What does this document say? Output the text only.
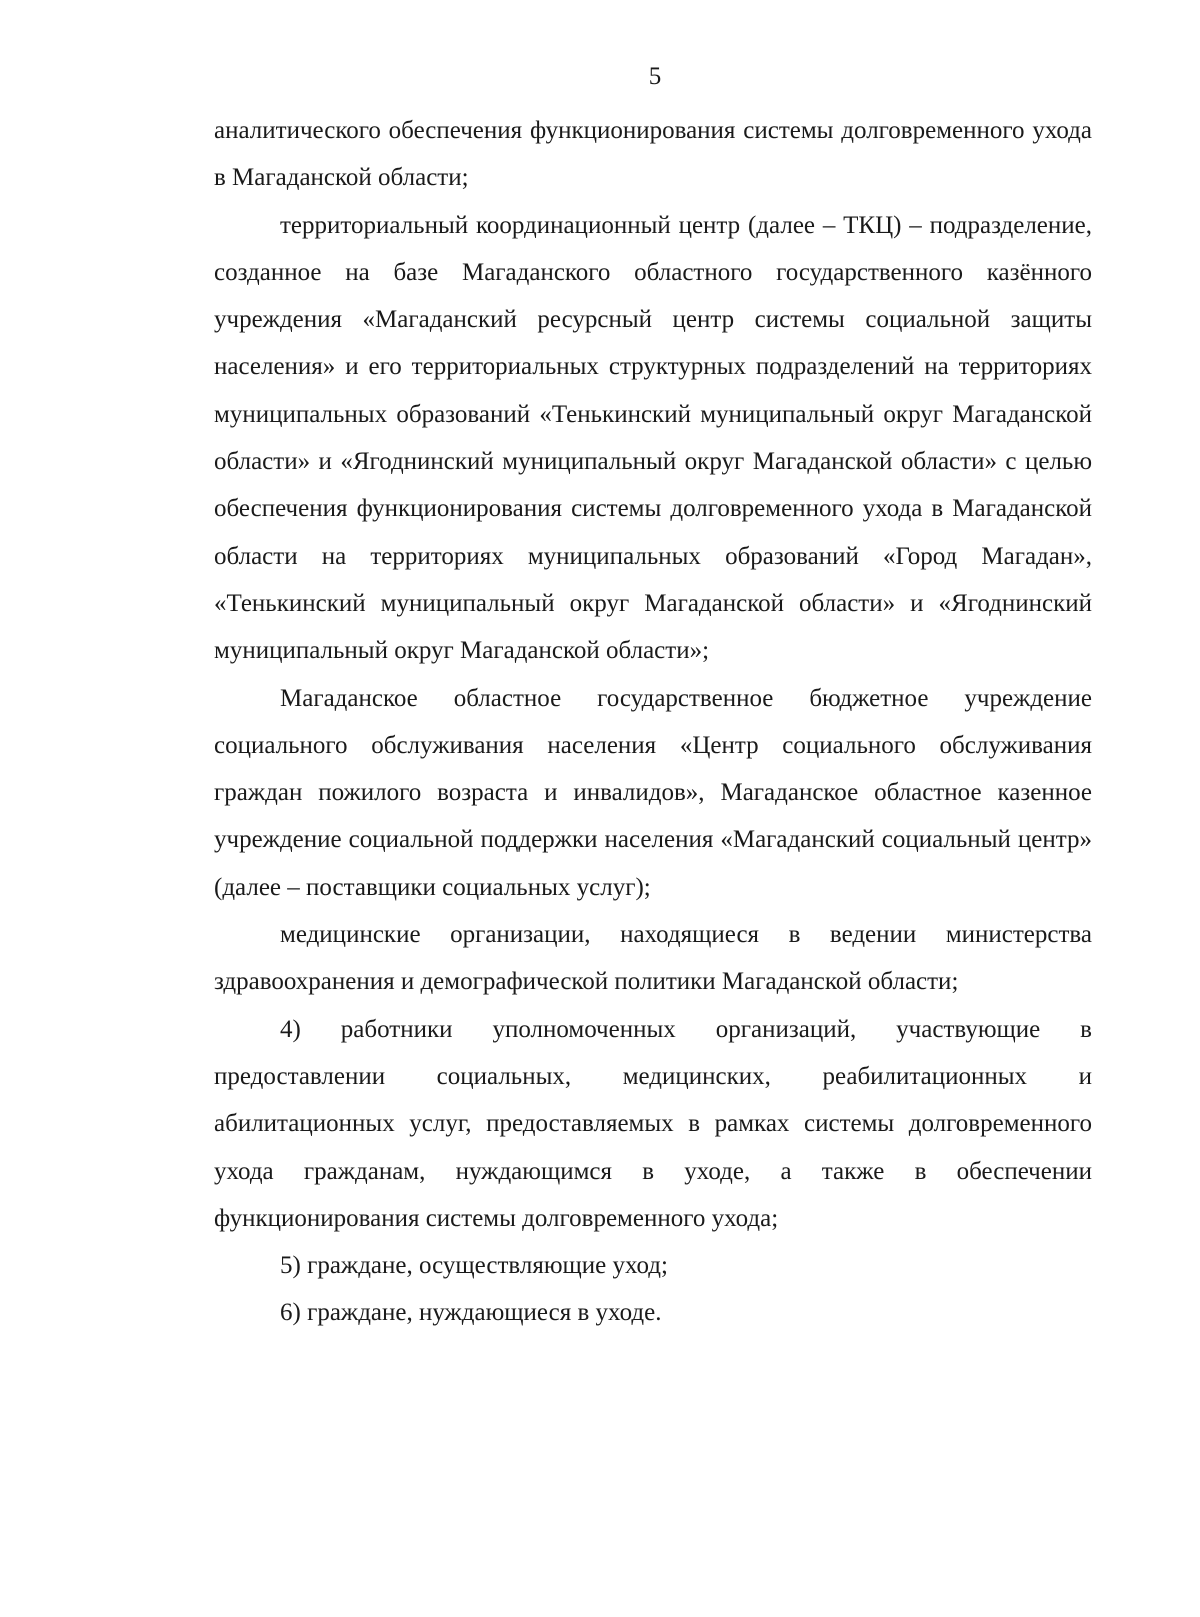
5

аналитического обеспечения функционирования системы долговременного ухода в Магаданской области;

территориальный координационный центр (далее – ТКЦ) – подразделение, созданное на базе Магаданского областного государственного казённого учреждения «Магаданский ресурсный центр системы социальной защиты населения» и его территориальных структурных подразделений на территориях муниципальных образований «Тенькинский муниципальный округ Магаданской области» и «Ягоднинский муниципальный округ Магаданской области» с целью обеспечения функционирования системы долговременного ухода в Магаданской области на территориях муниципальных образований «Город Магадан», «Тенькинский муниципальный округ Магаданской области» и «Ягоднинский муниципальный округ Магаданской области»;

Магаданское областное государственное бюджетное учреждение социального обслуживания населения «Центр социального обслуживания граждан пожилого возраста и инвалидов», Магаданское областное казенное учреждение социальной поддержки населения «Магаданский социальный центр» (далее – поставщики социальных услуг);

медицинские организации, находящиеся в ведении министерства здравоохранения и демографической политики Магаданской области;

4) работники уполномоченных организаций, участвующие в предоставлении социальных, медицинских, реабилитационных и абилитационных услуг, предоставляемых в рамках системы долговременного ухода гражданам, нуждающимся в уходе, а также в обеспечении функционирования системы долговременного ухода;

5) граждане, осуществляющие уход;

6) граждане, нуждающиеся в уходе.
